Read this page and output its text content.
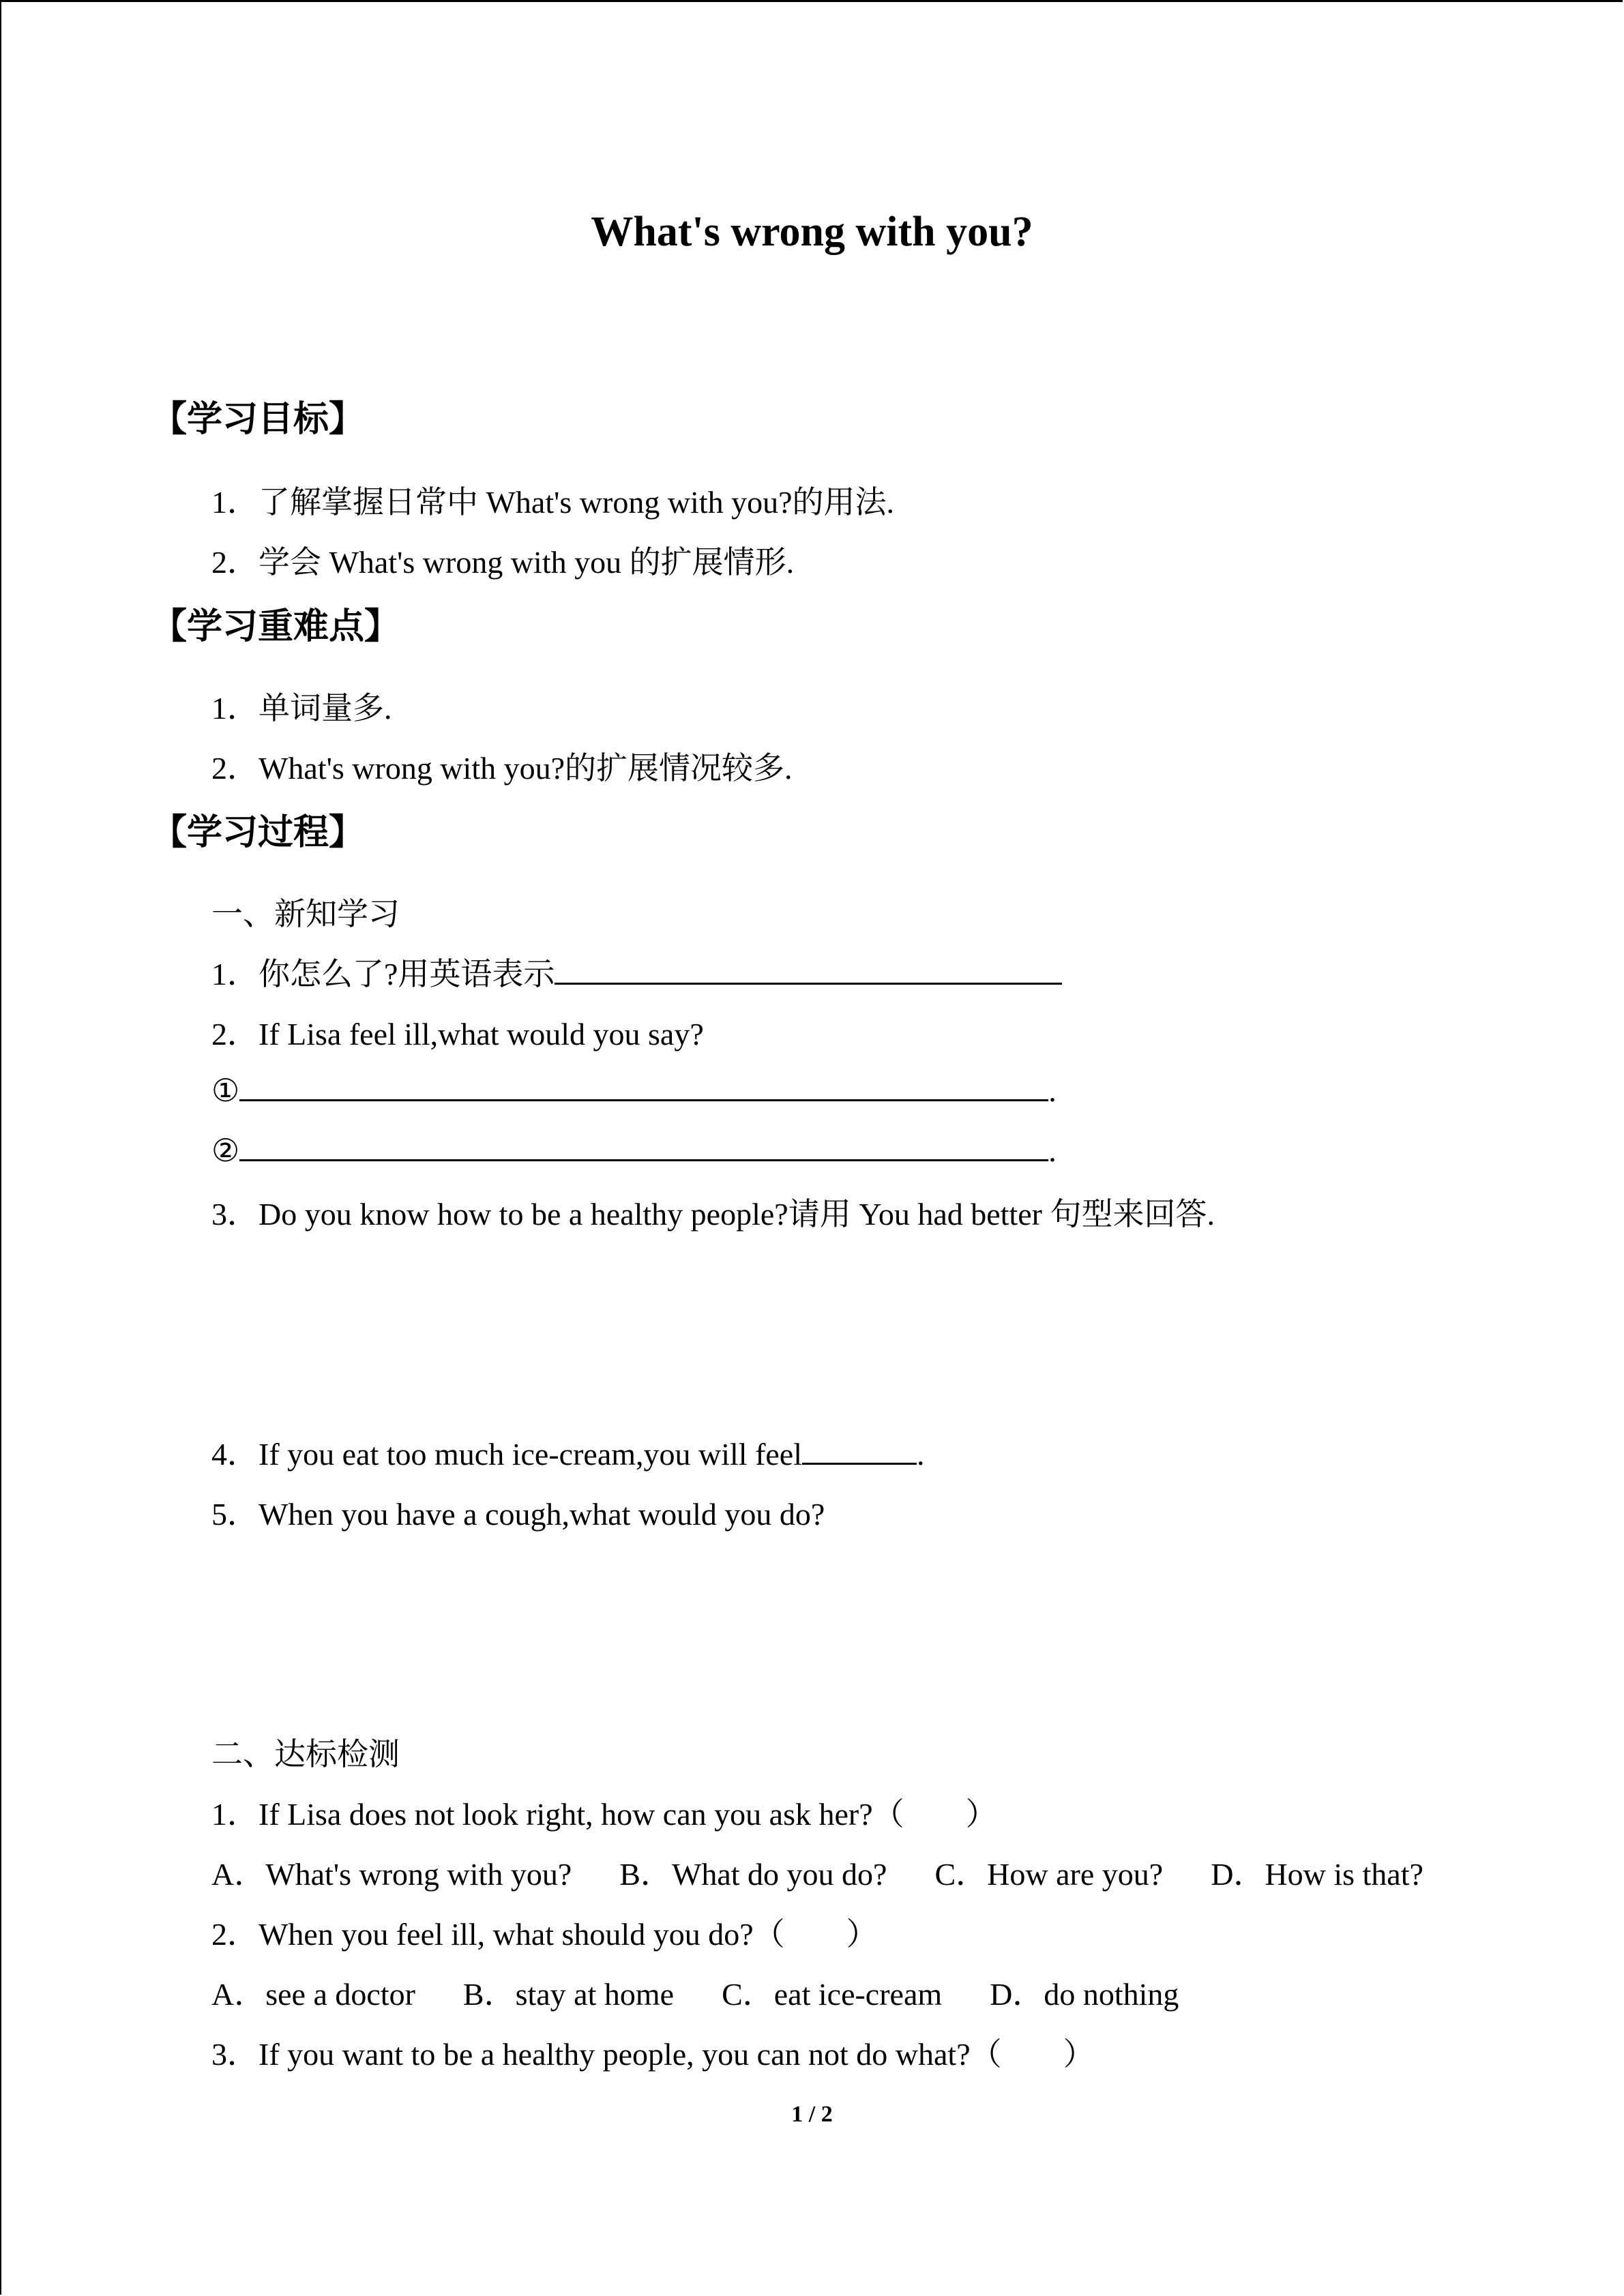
What's wrong with you?
【学习目标】
1．了解掌握日常中 What's wrong with you?的用法.
2．学会 What's wrong with you 的扩展情形.
【学习重难点】
1．单词量多.
2．What's wrong with you?的扩展情况较多.
【学习过程】
一、新知学习
1．你怎么了?用英语表示
2．If Lisa feel ill,what would you say?
①	.
②	.
3．Do you know how to be a healthy people?请用 You had better 句型来回答.
4．If you eat too much ice-cream,you will feel	.
5．When you have a cough,what would you do?
二、达标检测
1．If Lisa does not look right, how can you ask her?（ ）
A．What's wrong with you? B．What do you do? C．How are you? D．How is that?
2．When you feel ill, what should you do?（ ）
A．see a doctor B．stay at home C．eat ice-cream D．do nothing
3．If you want to be a healthy people, you can not do what?（ ）
1 / 2
